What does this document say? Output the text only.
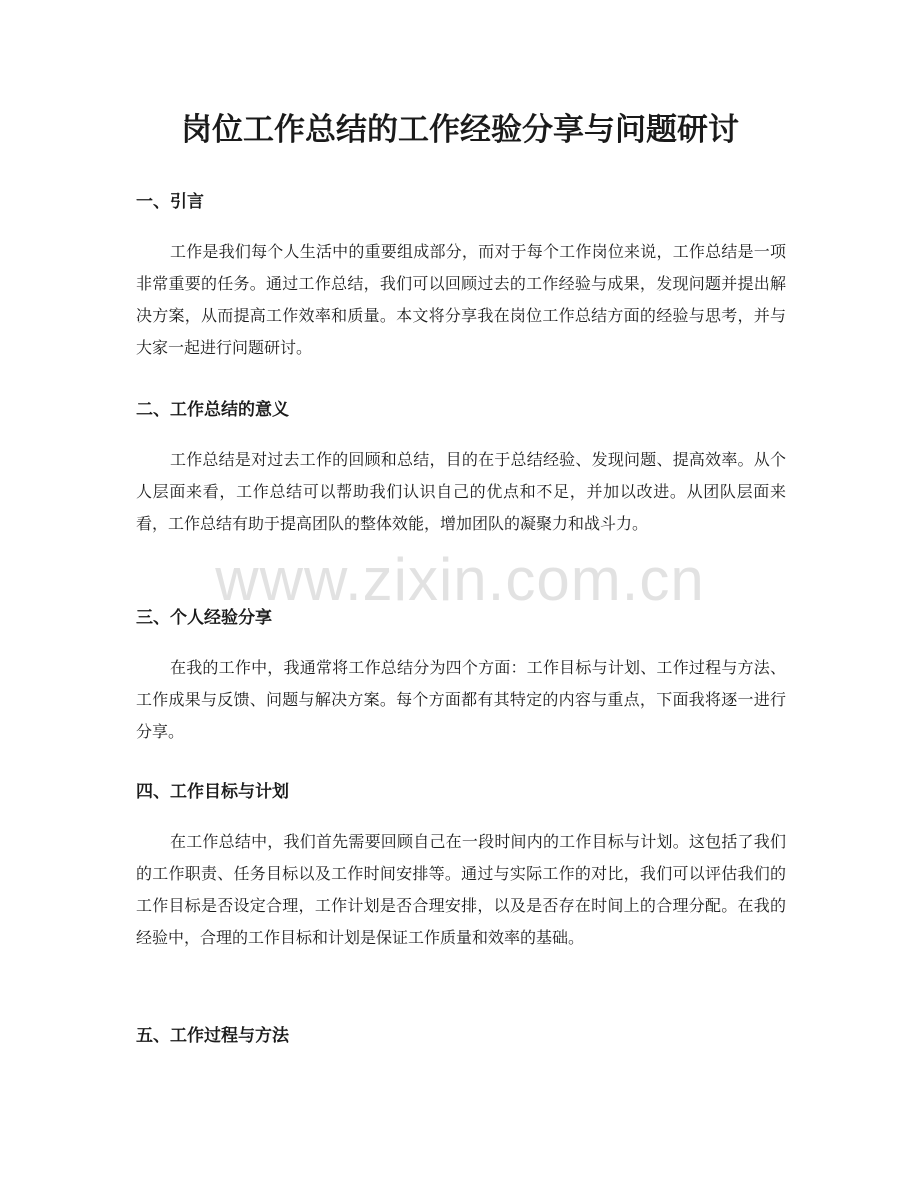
岗位工作总结的工作经验分享与问题研讨
一、引言

工作是我们每个人生活中的重要组成部分，而对于每个工作岗位来说，工作总结是一项非常重要的任务。通过工作总结，我们可以回顾过去的工作经验与成果，发现问题并提出解决方案，从而提高工作效率和质量。本文将分享我在岗位工作总结方面的经验与思考，并与大家一起进行问题研讨。

二、工作总结的意义

工作总结是对过去工作的回顾和总结，目的在于总结经验、发现问题、提高效率。从个人层面来看，工作总结可以帮助我们认识自己的优点和不足，并加以改进。从团队层面来看，工作总结有助于提高团队的整体效能，增加团队的凝聚力和战斗力。

三、个人经验分享

在我的工作中，我通常将工作总结分为四个方面：工作目标与计划、工作过程与方法、工作成果与反馈、问题与解决方案。每个方面都有其特定的内容与重点，下面我将逐一进行分享。

四、工作目标与计划

在工作总结中，我们首先需要回顾自己在一段时间内的工作目标与计划。这包括了我们的工作职责、任务目标以及工作时间安排等。通过与实际工作的对比，我们可以评估我们的工作目标是否设定合理，工作计划是否合理安排，以及是否存在时间上的合理分配。在我的经验中，合理的工作目标和计划是保证工作质量和效率的基础。

五、工作过程与方法
www.zixin.com.cn
